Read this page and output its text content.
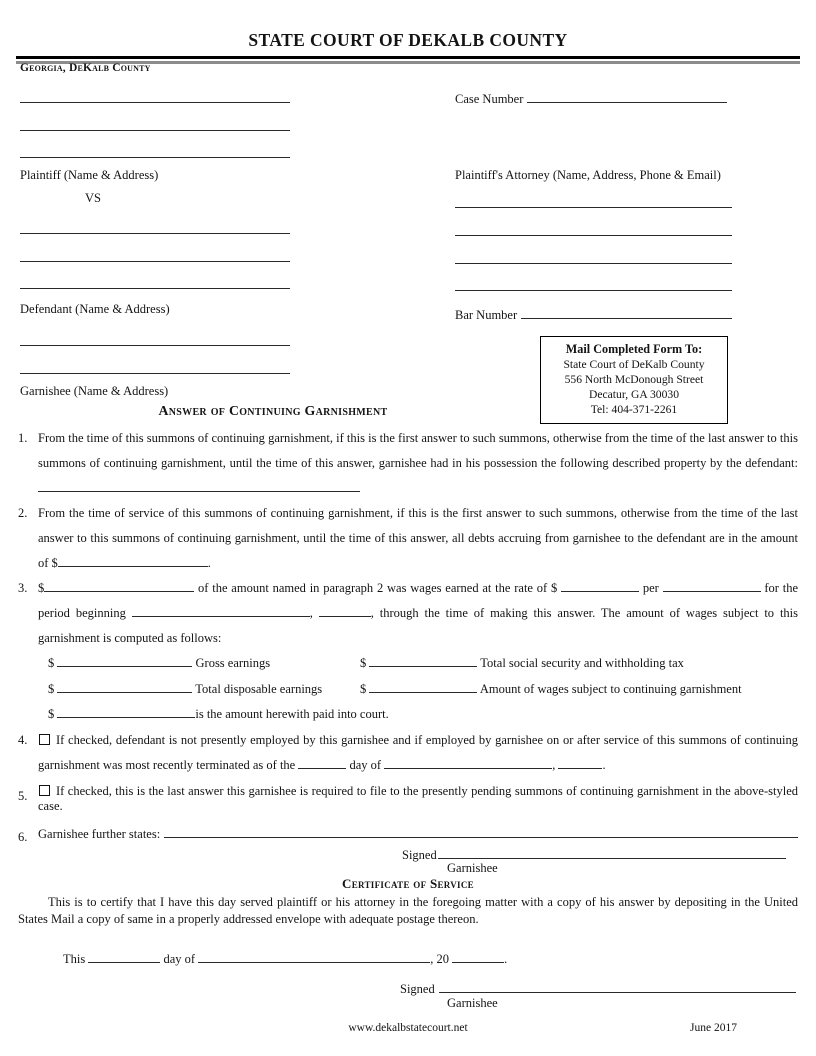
STATE COURT OF DEKALB COUNTY
Georgia, DeKalb County
Plaintiff (Name & Address)
VS
Defendant (Name & Address)
Garnishee (Name & Address)
Case Number
Plaintiff's Attorney (Name, Address, Phone & Email)
Bar Number
Mail Completed Form To:
State Court of DeKalb County
556 North McDonough Street
Decatur, GA 30030
Tel: 404-371-2261
Answer of Continuing Garnishment
1. From the time of this summons of continuing garnishment, if this is the first answer to such summons, otherwise from the time of the last answer to this summons of continuing garnishment, until the time of this answer, garnishee had in his possession the following described property by the defendant:
2. From the time of service of this summons of continuing garnishment, if this is the first answer to such summons, otherwise from the time of the last answer to this summons of continuing garnishment, until the time of this answer, all debts accruing from garnishee to the defendant are in the amount of $	.
3. $	of the amount named in paragraph 2 was wages earned at the rate of $	per	for the period beginning	,	, through the time of making this answer. The amount of wages subject to this garnishment is computed as follows:
$	Gross earnings	$	Total social security and withholding tax
$	Total disposable earnings	$	Amount of wages subject to continuing garnishment
$	is the amount herewith paid into court.
4.	If checked, defendant is not presently employed by this garnishee and if employed by garnishee on or after service of this summons of continuing garnishment was most recently terminated as of the	day of	,	.
5.	If checked, this is the last answer this garnishee is required to file to the presently pending summons of continuing garnishment in the above-styled case.
6. Garnishee further states:
Signed
Garnishee
Certificate of Service
This is to certify that I have this day served plaintiff or his attorney in the foregoing matter with a copy of his answer by depositing in the United States Mail a copy of same in a properly addressed envelope with adequate postage thereon.
This	day of	, 20	.
Signed
Garnishee
www.dekalbstatecourt.net	June 2017
